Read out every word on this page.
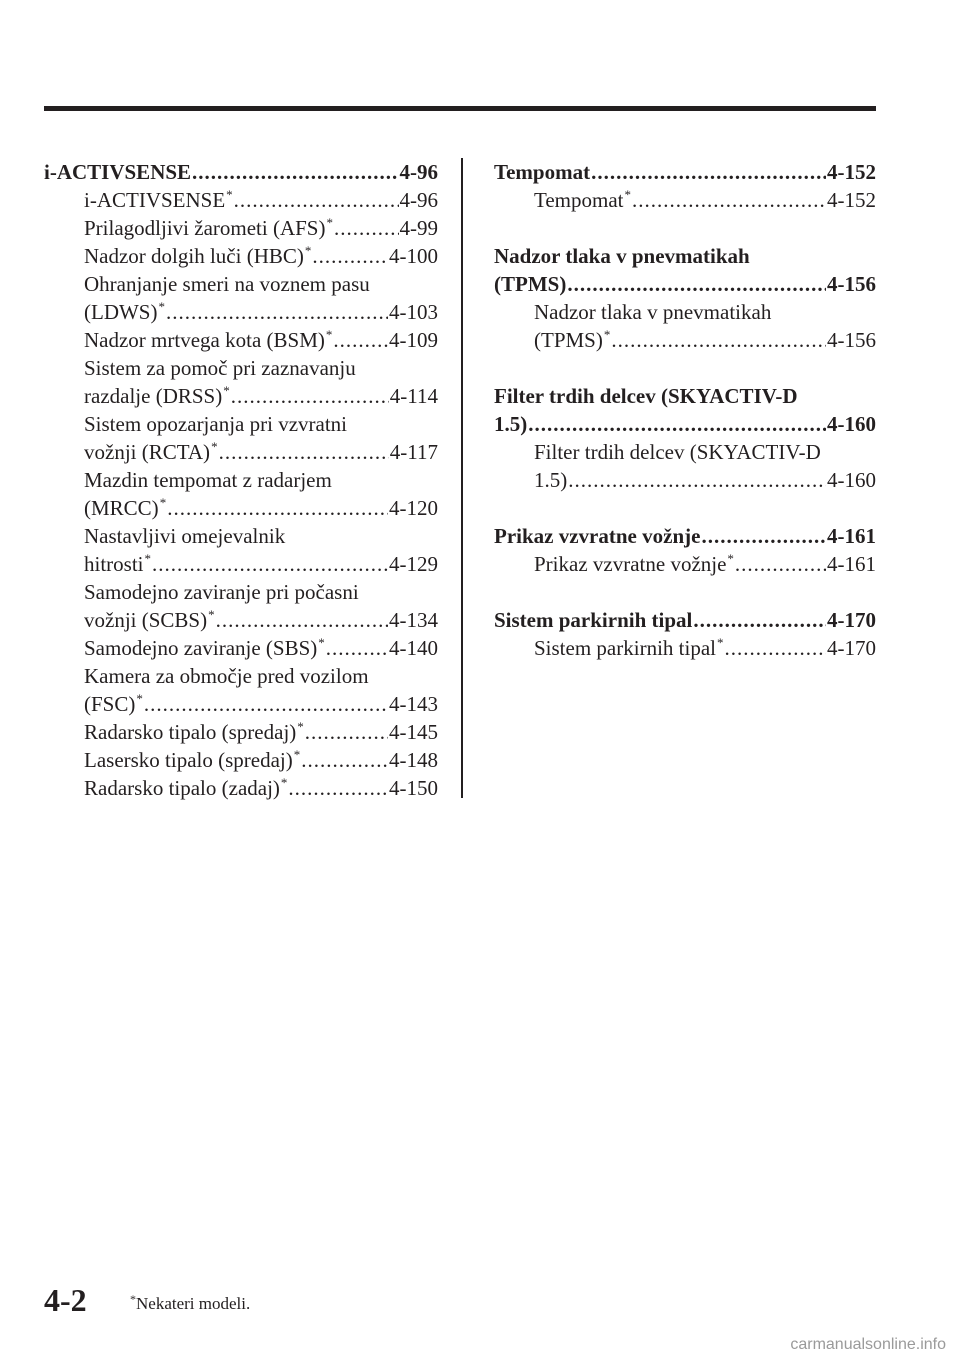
i-ACTIVSENSE .....	4-96
i-ACTIVSENSE * .....	4-96
Prilagodljivi žarometi (AFS) * .....	4-99
Nadzor dolgih luči (HBC) * .....	4-100
Ohranjanje smeri na voznem pasu
(LDWS) * .....	4-103
Nadzor mrtvega kota (BSM) * .....	4-109
Sistem za pomoč pri zaznavanju
razdalje (DRSS) * .....	4-114
Sistem opozarjanja pri vzvratni
vožnji (RCTA) * .....	4-117
Mazdin tempomat z radarjem
(MRCC) * .....	4-120
Nastavljivi omejevalnik
hitrosti * .....	4-129
Samodejno zaviranje pri počasni
vožnji (SCBS) * .....	4-134
Samodejno zaviranje (SBS) * .....	4-140
Kamera za območje pred vozilom
(FSC) * .....	4-143
Radarsko tipalo (spredaj) * .....	4-145
Lasersko tipalo (spredaj) * .....	4-148
Radarsko tipalo (zadaj) * .....	4-150
Tempomat .....	4-152
Tempomat * .....	4-152
Nadzor tlaka v pnevmatikah
(TPMS) .....	4-156
Nadzor tlaka v pnevmatikah
(TPMS) * .....	4-156
Filter trdih delcev (SKYACTIV-D
1.5) .....	4-160
Filter trdih delcev (SKYACTIV-D
1.5) .....	4-160
Prikaz vzvratne vožnje .....	4-161
Prikaz vzvratne vožnje * .....	4-161
Sistem parkirnih tipal .....	4-170
Sistem parkirnih tipal * .....	4-170
4-2	*Nekateri modeli.
carmanualsonline.info
